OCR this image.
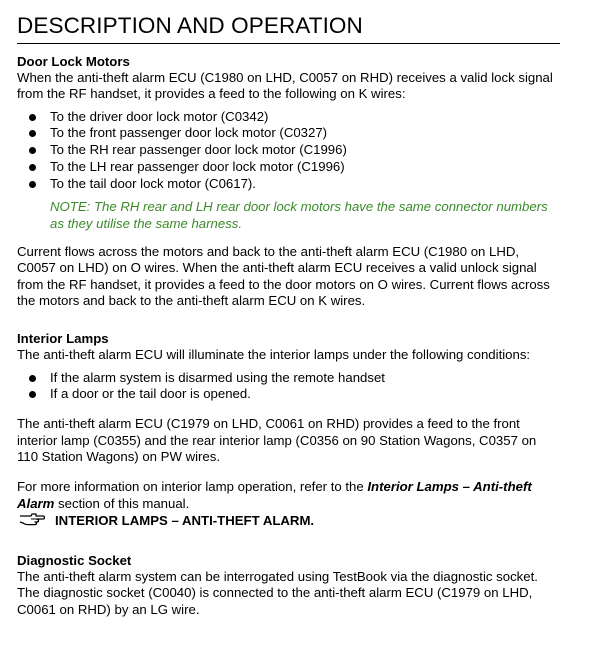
DESCRIPTION AND OPERATION
Door Lock Motors
When the anti-theft alarm ECU (C1980 on LHD, C0057 on RHD) receives a valid lock signal
from the RF handset, it provides a feed to the following on K wires:
To the driver door lock motor (C0342)
To the front passenger door lock motor (C0327)
To the RH rear passenger door lock motor (C1996)
To the LH rear passenger door lock motor (C1996)
To the tail door lock motor (C0617).
NOTE: The RH rear and LH rear door lock motors have the same connector numbers
as they utilise the same harness.
Current flows across the motors and back to the anti-theft alarm ECU (C1980 on LHD,
C0057 on LHD) on O wires. When the anti-theft alarm ECU receives a valid unlock signal
from the RF handset, it provides a feed to the door motors on O wires. Current flows across
the motors and back to the anti-theft alarm ECU on K wires.
Interior Lamps
The anti-theft alarm ECU will illuminate the interior lamps under the following conditions:
If the alarm system is disarmed using the remote handset
If a door or the tail door is opened.
The anti-theft alarm ECU (C1979 on LHD, C0061 on RHD) provides a feed to the front
interior lamp (C0355) and the rear interior lamp (C0356 on 90 Station Wagons, C0357 on
110 Station Wagons) on PW wires.
For more information on interior lamp operation, refer to the Interior Lamps – Anti-theft
Alarm section of this manual.
INTERIOR LAMPS – ANTI-THEFT ALARM.
Diagnostic Socket
The anti-theft alarm system can be interrogated using TestBook via the diagnostic socket.
The diagnostic socket (C0040) is connected to the anti-theft alarm ECU (C1979 on LHD,
C0061 on RHD) by an LG wire.
